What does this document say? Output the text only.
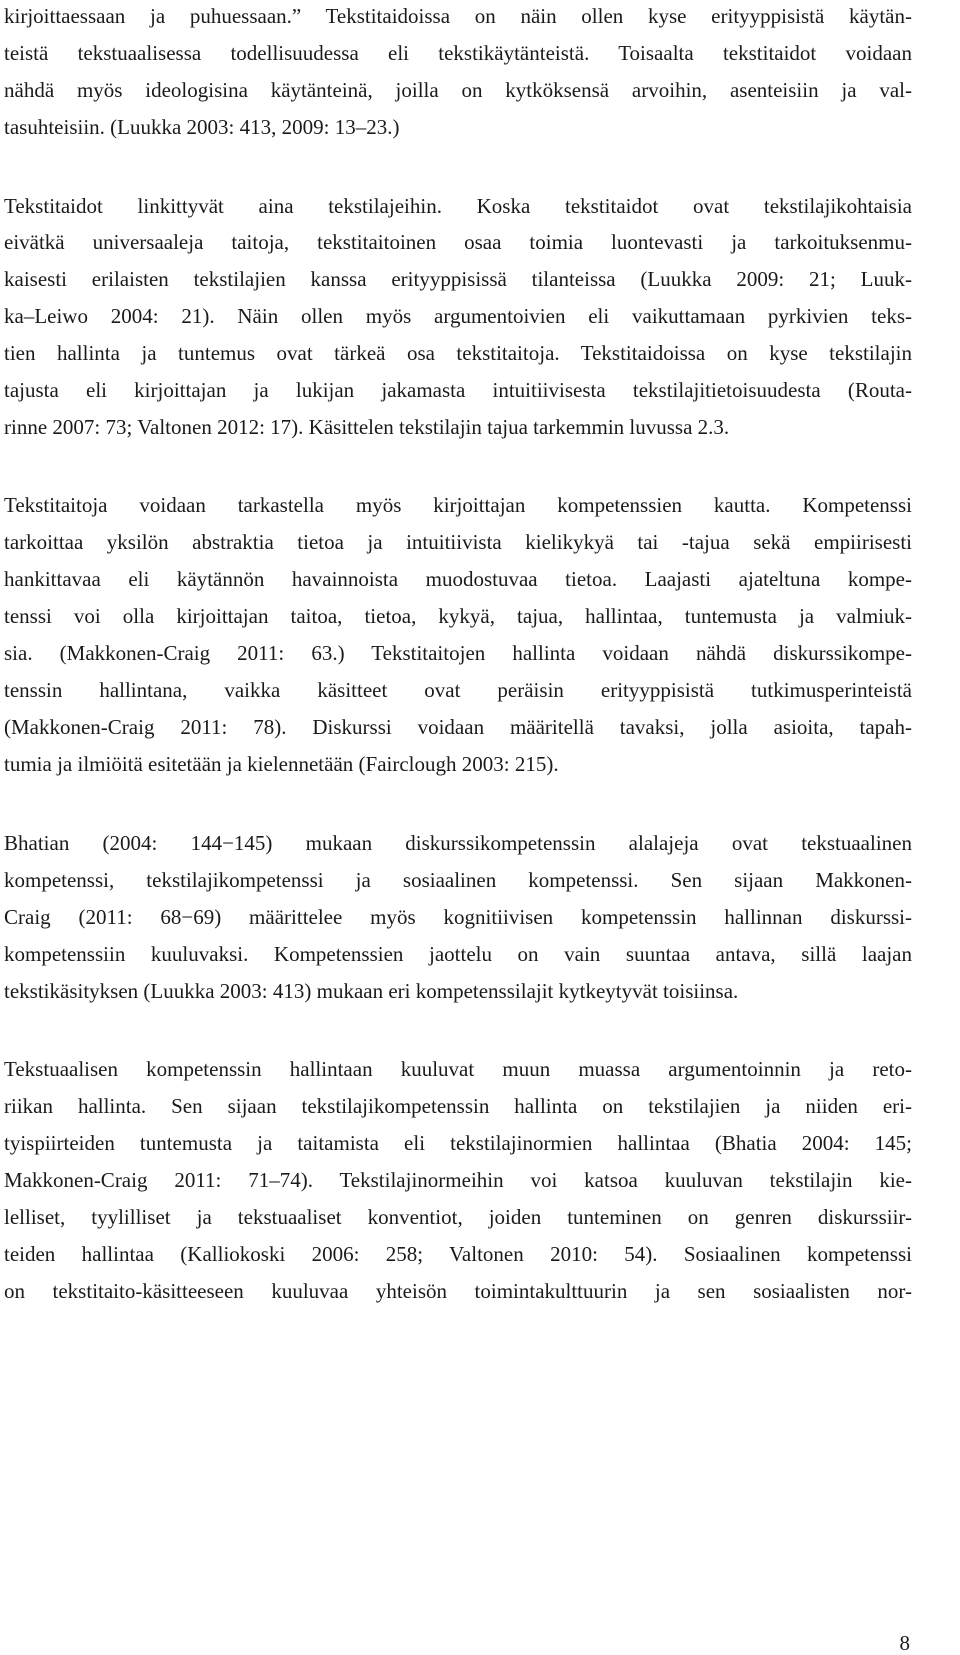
kirjoittaessaan ja puhuessaan.” Tekstitaidoissa on näin ollen kyse erityyppisistä käytän-
teistä tekstuaalisessa todellisuudessa eli tekstikäytänteistä. Toisaalta tekstitaidot voidaan
nähdä myös ideologisina käytänteinä, joilla on kytköksensä arvoihin, asenteisiin ja val-
tasuhteisiin. (Luukka 2003: 413, 2009: 13–23.)
Tekstitaidot linkittyvät aina tekstilajeihin. Koska tekstitaidot ovat tekstilajikohtaisia
eivätkä universaaleja taitoja, tekstitaitoinen osaa toimia luontevasti ja tarkoituksenmu-
kaisesti erilaisten tekstilajien kanssa erityyppisissä tilanteissa (Luukka 2009: 21; Luuk-
ka–Leiwo 2004: 21). Näin ollen myös argumentoivien eli vaikuttamaan pyrkivien teks-
tien hallinta ja tuntemus ovat tärkeä osa tekstitaitoja. Tekstitaidoissa on kyse tekstilajin
tajusta eli kirjoittajan ja lukijan jakamasta intuitiivisesta tekstilajitietoisuudesta (Routa-
rinne 2007: 73; Valtonen 2012: 17). Käsittelen tekstilajin tajua tarkemmin luvussa 2.3.
Tekstitaitoja voidaan tarkastella myös kirjoittajan kompetenssien kautta. Kompetenssi
tarkoittaa yksilön abstraktia tietoa ja intuitiivista kielikykyä tai -tajua sekä empiirisesti
hankittavaa eli käytännön havainnoista muodostuvaa tietoa. Laajasti ajateltuna kompe-
tenssi voi olla kirjoittajan taitoa, tietoa, kykyä, tajua, hallintaa, tuntemusta ja valmiuk-
sia. (Makkonen-Craig 2011: 63.) Tekstitaitojen hallinta voidaan nähdä diskurssikompe-
tenssin hallintana, vaikka käsitteet ovat peräisin erityyppisistä tutkimusperinteistä
(Makkonen-Craig 2011: 78). Diskurssi voidaan määritellä tavaksi, jolla asioita, tapah-
tumia ja ilmiöitä esitetään ja kielennetään (Fairclough 2003: 215).
Bhatian (2004: 144−145) mukaan diskurssikompetenssin alalajeja ovat tekstuaalinen
kompetenssi, tekstilajikompetenssi ja sosiaalinen kompetenssi. Sen sijaan Makkonen-
Craig (2011: 68−69) määrittelee myös kognitiivisen kompetenssin hallinnan diskurssi-
kompetenssiin kuuluvaksi. Kompetenssien jaottelu on vain suuntaa antava, sillä laajan
tekstikäsityksen (Luukka 2003: 413) mukaan eri kompetenssilajit kytkeytyvät toisiinsa.
Tekstuaalisen kompetenssin hallintaan kuuluvat muun muassa argumentoinnin ja reto-
riikan hallinta. Sen sijaan tekstilajikompetenssin hallinta on tekstilajien ja niiden eri-
tyispiirteiden tuntemusta ja taitamista eli tekstilajinormien hallintaa (Bhatia 2004: 145;
Makkonen-Craig 2011: 71–74). Tekstilajinormeihin voi katsoa kuuluvan tekstilajin kie-
lelliset, tyylilliset ja tekstuaaliset konventiot, joiden tunteminen on genren diskurssiir-
teiden hallintaa (Kalliokoski 2006: 258; Valtonen 2010: 54). Sosiaalinen kompetenssi
on tekstitaito-käsitteeseen kuuluvaa yhteisön toimintakulttuurin ja sen sosiaalisten nor-
8
